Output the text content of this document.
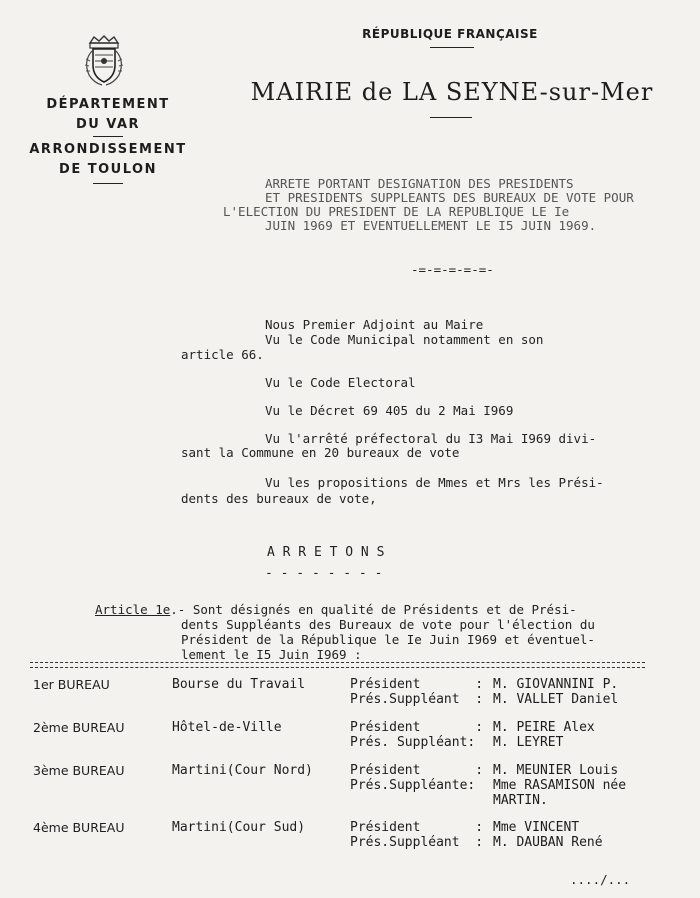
DÉPARTEMENT
DU VAR
ARRONDISSEMENT
DE TOULON
RÉPUBLIQUE FRANÇAISE
MAIRIE de LA SEYNE-sur-Mer
ARRETE PORTANT DESIGNATION DES PRESIDENTS
ET PRESIDENTS SUPPLEANTS DES BUREAUX DE VOTE POUR
L'ELECTION DU PRESIDENT DE LA REPUBLIQUE LE Ie
JUIN 1969 ET EVENTUELLEMENT LE I5 JUIN 1969.
-=-=-=-=-=-
Nous Premier Adjoint au Maire
Vu le Code Municipal notamment en son
article 66.
Vu le Code Electoral
Vu le Décret 69 405 du 2 Mai I969
Vu l'arrêté préfectoral du I3 Mai I969 divi-
sant la Commune en 20 bureaux de vote
Vu les propositions de Mmes et Mrs les Prési-
dents des bureaux de vote,
A R R E T O N S
- - - - - - - -
Article 1e.- Sont désignés en qualité de Présidents et de Prési-
dents Suppléants des Bureaux de vote pour l'élection du
Président de la République le Ie Juin I969 et éventuel-
lement le I5 Juin I969 :
1er BUREAU	Bourse du Travail	Président       : M. GIOVANNINI P.
Prés.Suppléant  : M. VALLET Daniel
2ème BUREAU	Hôtel-de-Ville	Président       : M. PEIRE Alex
Prés. Suppléant: M. LEYRET
3ème BUREAU	Martini(Cour Nord)	Président       : M. MEUNIER Louis
Prés.Suppléante: Mme RASAMISON née
MARTIN.
4ème BUREAU	Martini(Cour Sud)	Président       : Mme VINCENT
Prés.Suppléant  : M. DAUBAN René
..../...
